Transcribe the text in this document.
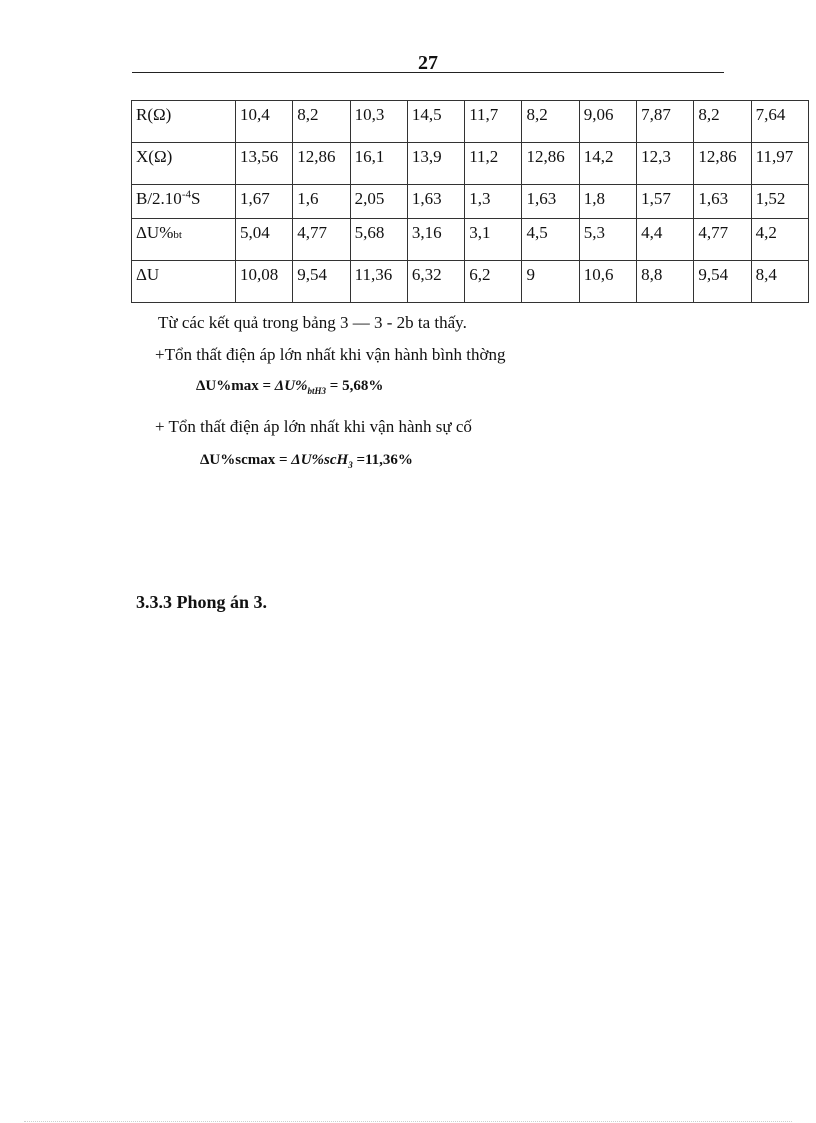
27
R(Ω)	10,4	8,2	10,3	14,5	11,7	8,2	9,06	7,87	8,2	7,64
X(Ω)	13,56	12,86	16,1	13,9	11,2	12,86	14,2	12,3	12,86	11,97
$B/2.10^{-4}S$	1,67	1,6	2,05	1,63	1,3	1,63	1,8	1,57	1,63	1,52
ΔU%bt	5,04	4,77	5,68	3,16	3,1	4,5	5,3	4,4	4,77	4,2
ΔU	10,08	9,54	11,36	6,32	6,2	9	10,6	8,8	9,54	8,4
Từ các kết quả trong bảng 3 — 3 - 2b ta thấy.
+Tổn thất điện áp lớn nhất khi vận hành bình thờng
$\Delta U\%\max = \Delta U\%_{btH3} = 5,68\%$
+ Tổn thất điện áp lớn nhất khi vận hành sự cố
ΔU%scmax = ΔU%scH$_3$ =11,36%
3.3.3 Phong án 3.
